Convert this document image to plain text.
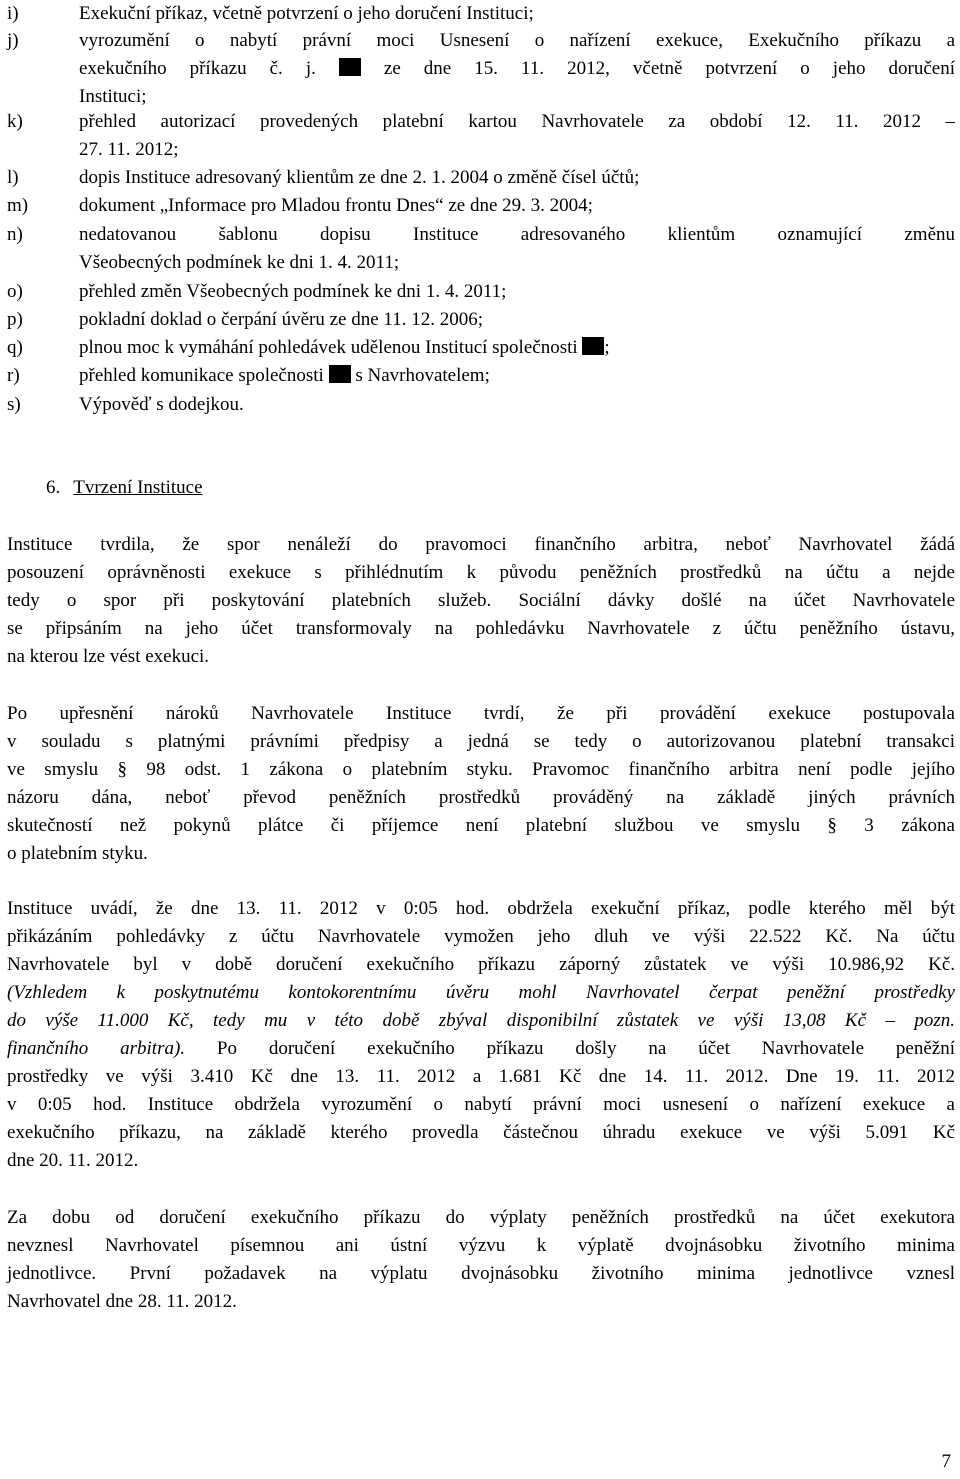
i)	Exekuční příkaz, včetně potvrzení o jeho doručení Instituci;
j)	vyrozumění o nabytí právní moci Usnesení o nařízení exekuce, Exekučního příkazu a
exekučního příkazu č. j.  ze dne 15. 11. 2012, včetně potvrzení o jeho doručení
Instituci;
k)	přehled autorizací provedených platební kartou Navrhovatele za období 12. 11. 2012 –
27. 11. 2012;
l)	dopis Instituce adresovaný klientům ze dne 2. 1. 2004 o změně čísel účtů;
m)	dokument „Informace pro Mladou frontu Dnes“ ze dne 29. 3. 2004;
n)	nedatovanou šablonu dopisu Instituce adresovaného klientům oznamující změnu
Všeobecných podmínek ke dni 1. 4. 2011;
o)	přehled změn Všeobecných podmínek ke dni 1. 4. 2011;
p)	pokladní doklad o čerpání úvěru ze dne 11. 12. 2006;
q)	plnou moc k vymáhání pohledávek udělenou Institucí společnosti ;
r)	přehled komunikace společnosti  s Navrhovatelem;
s)	Výpověď s dodejkou.
6. Tvrzení Instituce
Instituce tvrdila, že spor nenáleží do pravomoci finančního arbitra, neboť Navrhovatel žádá
posouzení oprávněnosti exekuce s přihlédnutím k původu peněžních prostředků na účtu a nejde
tedy o spor při poskytování platebních služeb. Sociální dávky došlé na účet Navrhovatele
se připsáním na jeho účet transformovaly na pohledávku Navrhovatele z účtu peněžního ústavu,
na kterou lze vést exekuci.
Po upřesnění nároků Navrhovatele Instituce tvrdí, že při provádění exekuce postupovala
v souladu s platnými právními předpisy a jedná se tedy o autorizovanou platební transakci
ve smyslu § 98 odst. 1 zákona o platebním styku. Pravomoc finančního arbitra není podle jejího
názoru dána, neboť převod peněžních prostředků prováděný na základě jiných právních
skutečností než pokynů plátce či příjemce není platební službou ve smyslu § 3 zákona
o platebním styku.
Instituce uvádí, že dne 13. 11. 2012 v 0:05 hod. obdržela exekuční příkaz, podle kterého měl být
přikázáním pohledávky z účtu Navrhovatele vymožen jeho dluh ve výši 22.522 Kč. Na účtu
Navrhovatele byl v době doručení exekučního příkazu záporný zůstatek ve výši 10.986,92 Kč.
(Vzhledem k poskytnutému kontokorentnímu úvěru mohl Navrhovatel čerpat peněžní prostředky
do výše 11.000 Kč, tedy mu v této době zbýval disponibilní zůstatek ve výši 13,08 Kč – pozn.
finančního arbitra). Po doručení exekučního příkazu došly na účet Navrhovatele peněžní
prostředky ve výši 3.410 Kč dne 13. 11. 2012 a 1.681 Kč dne 14. 11. 2012. Dne 19. 11. 2012
v 0:05 hod. Instituce obdržela vyrozumění o nabytí právní moci usnesení o nařízení exekuce a
exekučního příkazu, na základě kterého provedla částečnou úhradu exekuce ve výši 5.091 Kč
dne 20. 11. 2012.
Za dobu od doručení exekučního příkazu do výplaty peněžních prostředků na účet exekutora
nevznesl Navrhovatel písemnou ani ústní výzvu k výplatě dvojnásobku životního minima
jednotlivce. První požadavek na výplatu dvojnásobku životního minima jednotlivce vznesl
Navrhovatel dne 28. 11. 2012.
7
